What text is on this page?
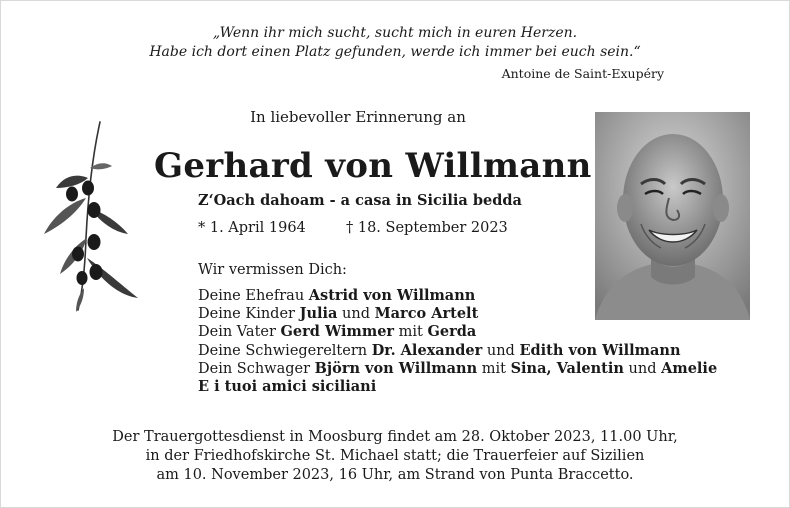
„Wenn ihr mich sucht, sucht mich in euren Herzen.
Habe ich dort einen Platz gefunden, werde ich immer bei euch sein.“
Antoine de Saint-Exupéry
In liebevoller Erinnerung an
Gerhard von Willmann
Z‘Oach dahoam - a casa in Sicilia bedda
* 1. April 1964	† 18. September 2023
Wir vermissen Dich:
Deine Ehefrau Astrid von Willmann
Deine Kinder Julia und Marco Artelt
Dein Vater Gerd Wimmer mit Gerda
Deine Schwiegereltern Dr. Alexander und Edith von Willmann
Dein Schwager Björn von Willmann mit Sina, Valentin und Amelie
E i tuoi amici siciliani
Der Trauergottesdienst in Moosburg findet am 28. Oktober 2023, 11.00 Uhr,
in der Friedhofskirche St. Michael statt; die Trauerfeier auf Sizilien
am 10. November 2023, 16 Uhr, am Strand von Punta Braccetto.
